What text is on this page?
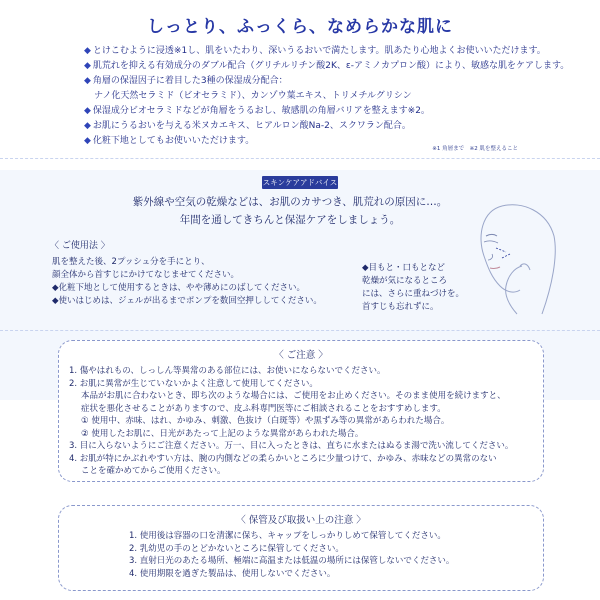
しっとり、ふっくら、なめらかな肌に
◆ とけこむように浸透※1し、肌をいたわり、深いうるおいで満たします。肌あたり心地よくお使いいただけます。
◆ 肌荒れを抑える有効成分のダブル配合（グリチルリチン酸2K、ε-アミノカプロン酸）により、敏感な肌をケアします。
◆ 角層の保湿因子に着目した3種の保湿成分配合：
ナノ化天然セラミド（ビオセラミド）、カンゾウ葉エキス、トリメチルグリシン
◆ 保湿成分ビオセラミドなどが角層をうるおし、敏感肌の角層バリアを整えます※2。
◆ お肌にうるおいを与える米ヌカエキス、ヒアルロン酸Na-2、スクワラン配合。
◆ 化粧下地としてもお使いいただけます。
※1 角層まで　※2 肌を整えること
スキンケアアドバイス
紫外線や空気の乾燥などは、お肌のカサつき、肌荒れの原因に…。
年間を通してきちんと保湿ケアをしましょう。
〈 ご使用法 〉
肌を整えた後、2プッシュ分を手にとり、
顔全体から首すじにかけてなじませてください。
◆化粧下地として使用するときは、やや薄めにのばしてください。
◆使いはじめは、ジェルが出るまでポンプを数回空押ししてください。
◆目もと・口もとなど
乾燥が気になるところ
には、さらに重ねづけを。
首すじも忘れずに。
〈 ご注意 〉
1. 傷やはれもの、しっしん等異常のある部位には、お使いにならないでください。
2. お肌に異常が生じていないかよく注意して使用してください。
本品がお肌に合わないとき、即ち次のような場合には、ご使用をお止めください。そのまま使用を続けますと、
症状を悪化させることがありますので、皮ふ科専門医等にご相談されることをおすすめします。
① 使用中、赤味、はれ、かゆみ、刺激、色抜け（白斑等）や黒ずみ等の異常があらわれた場合。
② 使用したお肌に、日光があたって上記のような異常があらわれた場合。
3. 目に入らないようにご注意ください。万一、目に入ったときは、直ちに水またはぬるま湯で洗い流してください。
4. お肌が特にかぶれやすい方は、腕の内側などの柔らかいところに少量つけて、かゆみ、赤味などの異常のない
ことを確かめてからご使用ください。
〈 保管及び取扱い上の注意 〉
1. 使用後は容器の口を清潔に保ち、キャップをしっかりしめて保管してください。
2. 乳幼児の手のとどかないところに保管してください。
3. 直射日光のあたる場所、極端に高温または低温の場所には保管しないでください。
4. 使用期限を過ぎた製品は、使用しないでください。
